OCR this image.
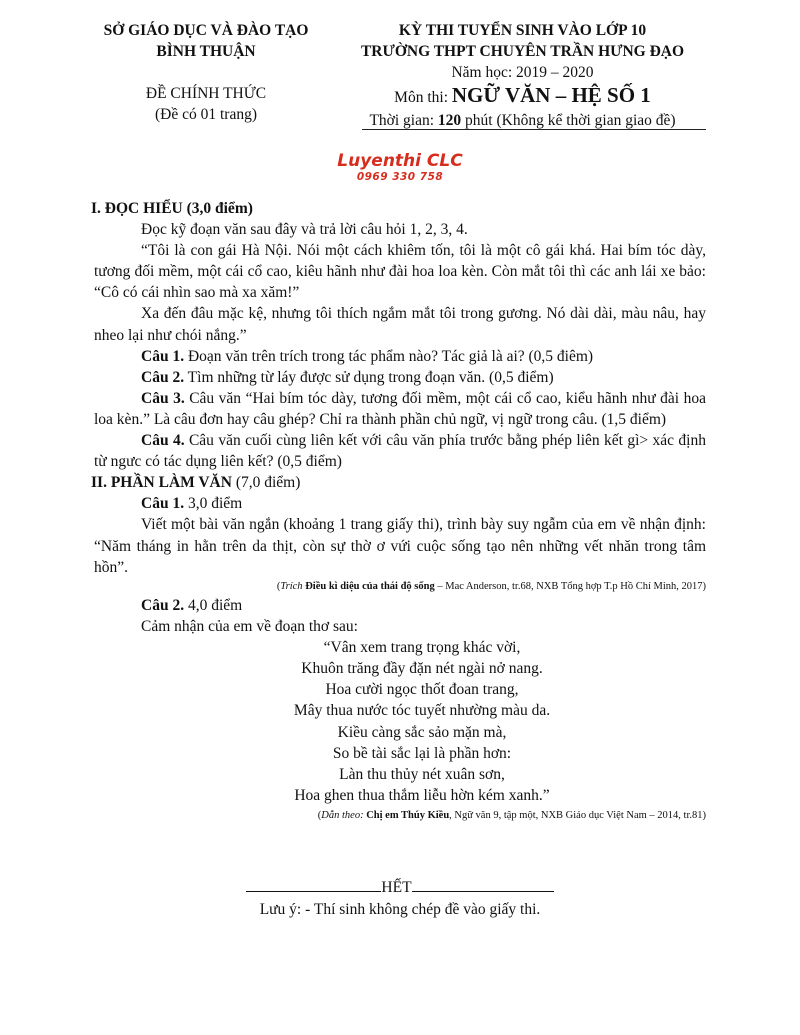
SỞ GIÁO DỤC VÀ ĐÀO TẠO
BÌNH THUẬN
ĐỀ CHÍNH THỨC
(Đề có 01 trang)
KỲ THI TUYỂN SINH VÀO LỚP 10
TRƯỜNG THPT CHUYÊN TRẦN HƯNG ĐẠO
Năm học: 2019 – 2020
Môn thi: NGỮ VĂN – HỆ SỐ 1
Thời gian: 120 phút (Không kể thời gian giao đề)
Luyenthi CLC
0969 330 758

I. ĐỌC HIỂU (3,0 điểm)

Đọc kỹ đoạn văn sau đây và trả lời câu hỏi 1, 2, 3, 4.

“Tôi là con gái Hà Nội. Nói một cách khiêm tốn, tôi là một cô gái khá. Hai bím tóc dày, tương đối mềm, một cái cổ cao, kiêu hãnh như đài hoa loa kèn. Còn mắt tôi thì các anh lái xe bảo: “Cô có cái nhìn sao mà xa xăm!”

Xa đến đâu mặc kệ, nhưng tôi thích ngắm mắt tôi trong gương. Nó dài dài, màu nâu, hay nheo lại như chói nắng.”

Câu 1. Đoạn văn trên trích trong tác phẩm nào? Tác giả là ai? (0,5 điêm)

Câu 2. Tìm những từ láy được sử dụng trong đoạn văn. (0,5 điểm)

Câu 3. Câu văn “Hai bím tóc dày, tương đối mềm, một cái cổ cao, kiểu hãnh như đài hoa loa kèn.” Là câu đơn hay câu ghép? Chỉ ra thành phần chủ ngữ, vị ngữ trong câu. (1,5 điểm)

Câu 4. Câu văn cuối cùng liên kết với câu văn phía trước bằng phép liên kết gì> xác định từ ngưc có tác dụng liên kết? (0,5 điểm)

II. PHẦN LÀM VĂN (7,0 điểm)

Câu 1. 3,0 điểm

Viết một bài văn ngắn (khoảng 1 trang giấy thi), trình bày suy ngẫm của em về nhận định: “Năm tháng in hằn trên da thịt, còn sự thờ ơ vứi cuộc sống tạo nên những vết nhăn trong tâm hồn”.

(Trích Điều kì diệu của thái độ sống – Mac Anderson, tr.68, NXB Tổng hợp T.p Hồ Chí Minh, 2017)

Câu 2. 4,0 điểm

Cảm nhận của em về đoạn thơ sau:

“Vân xem trang trọng khác vời,
Khuôn trăng đầy đặn nét ngài nở nang.
Hoa cười ngọc thốt đoan trang,
Mây thua nước tóc tuyết nhường màu da.
Kiều càng sắc sảo mặn mà,
So bề tài sắc lại là phần hơn:
Làn thu thủy nét xuân sơn,
Hoa ghen thua thắm liễu hờn kém xanh.”

(Dẫn theo: Chị em Thúy Kiều, Ngữ văn 9, tập một, NXB Giáo dục Việt Nam – 2014, tr.81)

HẾT
Lưu ý: - Thí sinh không chép đề vào giấy thi.
